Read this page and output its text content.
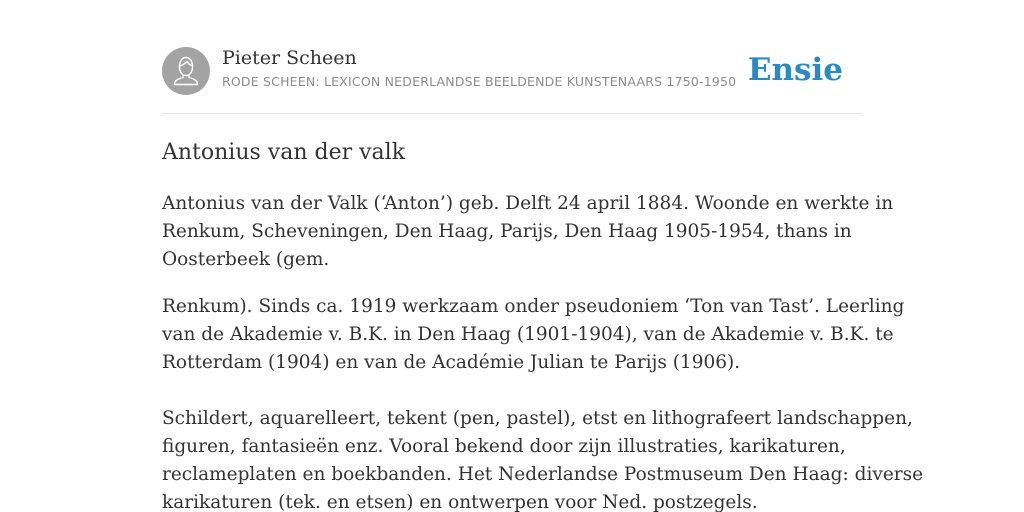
Pieter Scheen
RODE SCHEEN: LEXICON NEDERLANDSE BEELDENDE KUNSTENAARS 1750-1950 Ensie
Antonius van der valk

Antonius van der Valk (‘Anton’) geb. Delft 24 april 1884. Woonde en werkte in
Renkum, Scheveningen, Den Haag, Parijs, Den Haag 1905-1954, thans in
Oosterbeek (gem.

Renkum). Sinds ca. 1919 werkzaam onder pseudoniem ‘Ton van Tast’. Leerling
van de Akademie v. B.K. in Den Haag (1901-1904), van de Akademie v. B.K. te
Rotterdam (1904) en van de Académie Julian te Parijs (1906).

Schildert, aquarelleert, tekent (pen, pastel), etst en lithografeert landschappen,
figuren, fantasieën enz. Vooral bekend door zijn illustraties, karikaturen,
reclameplaten en boekbanden. Het Nederlandse Postmuseum Den Haag: diverse
karikaturen (tek. en etsen) en ontwerpen voor Ned. postzegels.
